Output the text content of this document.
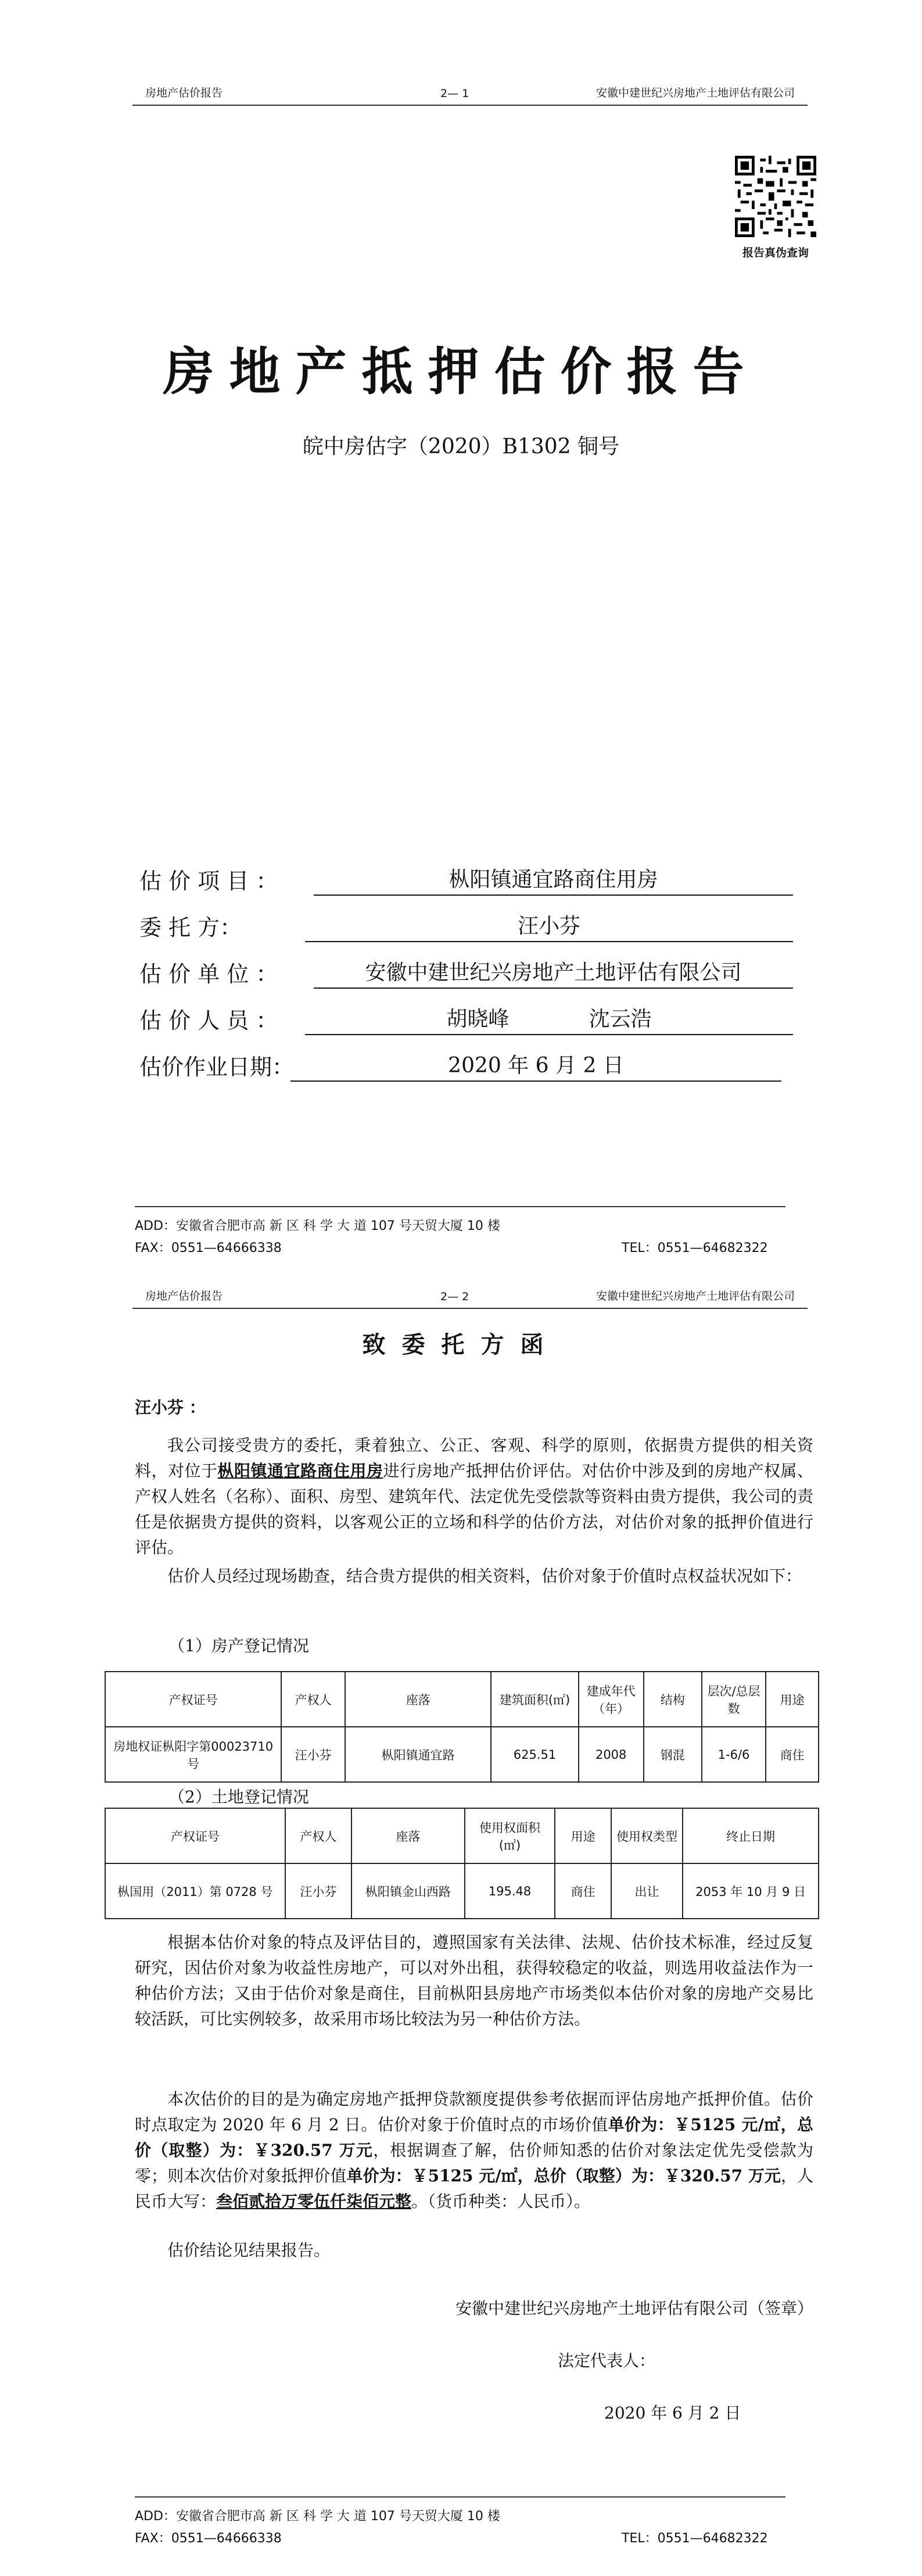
房地产估价报告	2— 1	安徽中建世纪兴房地产土地评估有限公司
报告真伪查询
房地产抵押估价报告
皖中房估字（2020）B1302 铜号
估 价 项 目 ：	枞阳镇通宜路商住用房
委 托 方：	汪小芬
估 价 单 位 ：	安徽中建世纪兴房地产土地评估有限公司
估 价 人 员 ：	胡晓峰            沈云浩
估价作业日期：	2020 年 6 月 2 日
ADD：安徽省合肥市高 新 区 科 学 大 道 107 号天贸大厦 10 楼
FAX：0551—64666338	TEL：0551—64682322
房地产估价报告	2— 2	安徽中建世纪兴房地产土地评估有限公司
致委托方函
汪小芬 ：
我公司接受贵方的委托，秉着独立、公正、客观、科学的原则，依据贵方提供的相关资料，对位于枞阳镇通宜路商住用房进行房地产抵押估价评估。对估价中涉及到的房地产权属、产权人姓名（名称）、面积、房型、建筑年代、法定优先受偿款等资料由贵方提供，我公司的责任是依据贵方提供的资料，以客观公正的立场和科学的估价方法，对估价对象的抵押价值进行评估。
估价人员经过现场勘查，结合贵方提供的相关资料，估价对象于价值时点权益状况如下：
（1）房产登记情况
产权证号	产权人	座落	建筑面积(㎡)	建成年代（年）	结构	层次/总层数	用途
房地权证枞阳字第00023710 号	汪小芬	枞阳镇通宜路	625.51	2008	钢混	1-6/6	商住
（2）土地登记情况
产权证号	产权人	座落	使用权面积(㎡)	用途	使用权类型	终止日期
枞国用（2011）第 0728 号	汪小芬	枞阳镇金山西路	195.48	商住	出让	2053 年 10 月 9 日
根据本估价对象的特点及评估目的，遵照国家有关法律、法规、估价技术标准，经过反复研究，因估价对象为收益性房地产，可以对外出租，获得较稳定的收益，则选用收益法作为一种估价方法；又由于估价对象是商住，目前枞阳县房地产市场类似本估价对象的房地产交易比较活跃，可比实例较多，故采用市场比较法为另一种估价方法。
本次估价的目的是为确定房地产抵押贷款额度提供参考依据而评估房地产抵押价值。估价时点取定为 2020 年 6 月 2 日。估价对象于价值时点的市场价值单价为：￥5125 元/㎡，总价（取整）为：￥320.57 万元，根据调查了解，估价师知悉的估价对象法定优先受偿款为零；则本次估价对象抵押价值单价为：￥5125 元/㎡，总价（取整）为：￥320.57 万元，人民币大写：叁佰贰拾万零伍仟柒佰元整。（货币种类：人民币）。
估价结论见结果报告。
安徽中建世纪兴房地产土地评估有限公司（签章）
法定代表人：
2020 年 6 月 2 日
ADD：安徽省合肥市高 新 区 科 学 大 道 107 号天贸大厦 10 楼
FAX：0551—64666338	TEL：0551—64682322
